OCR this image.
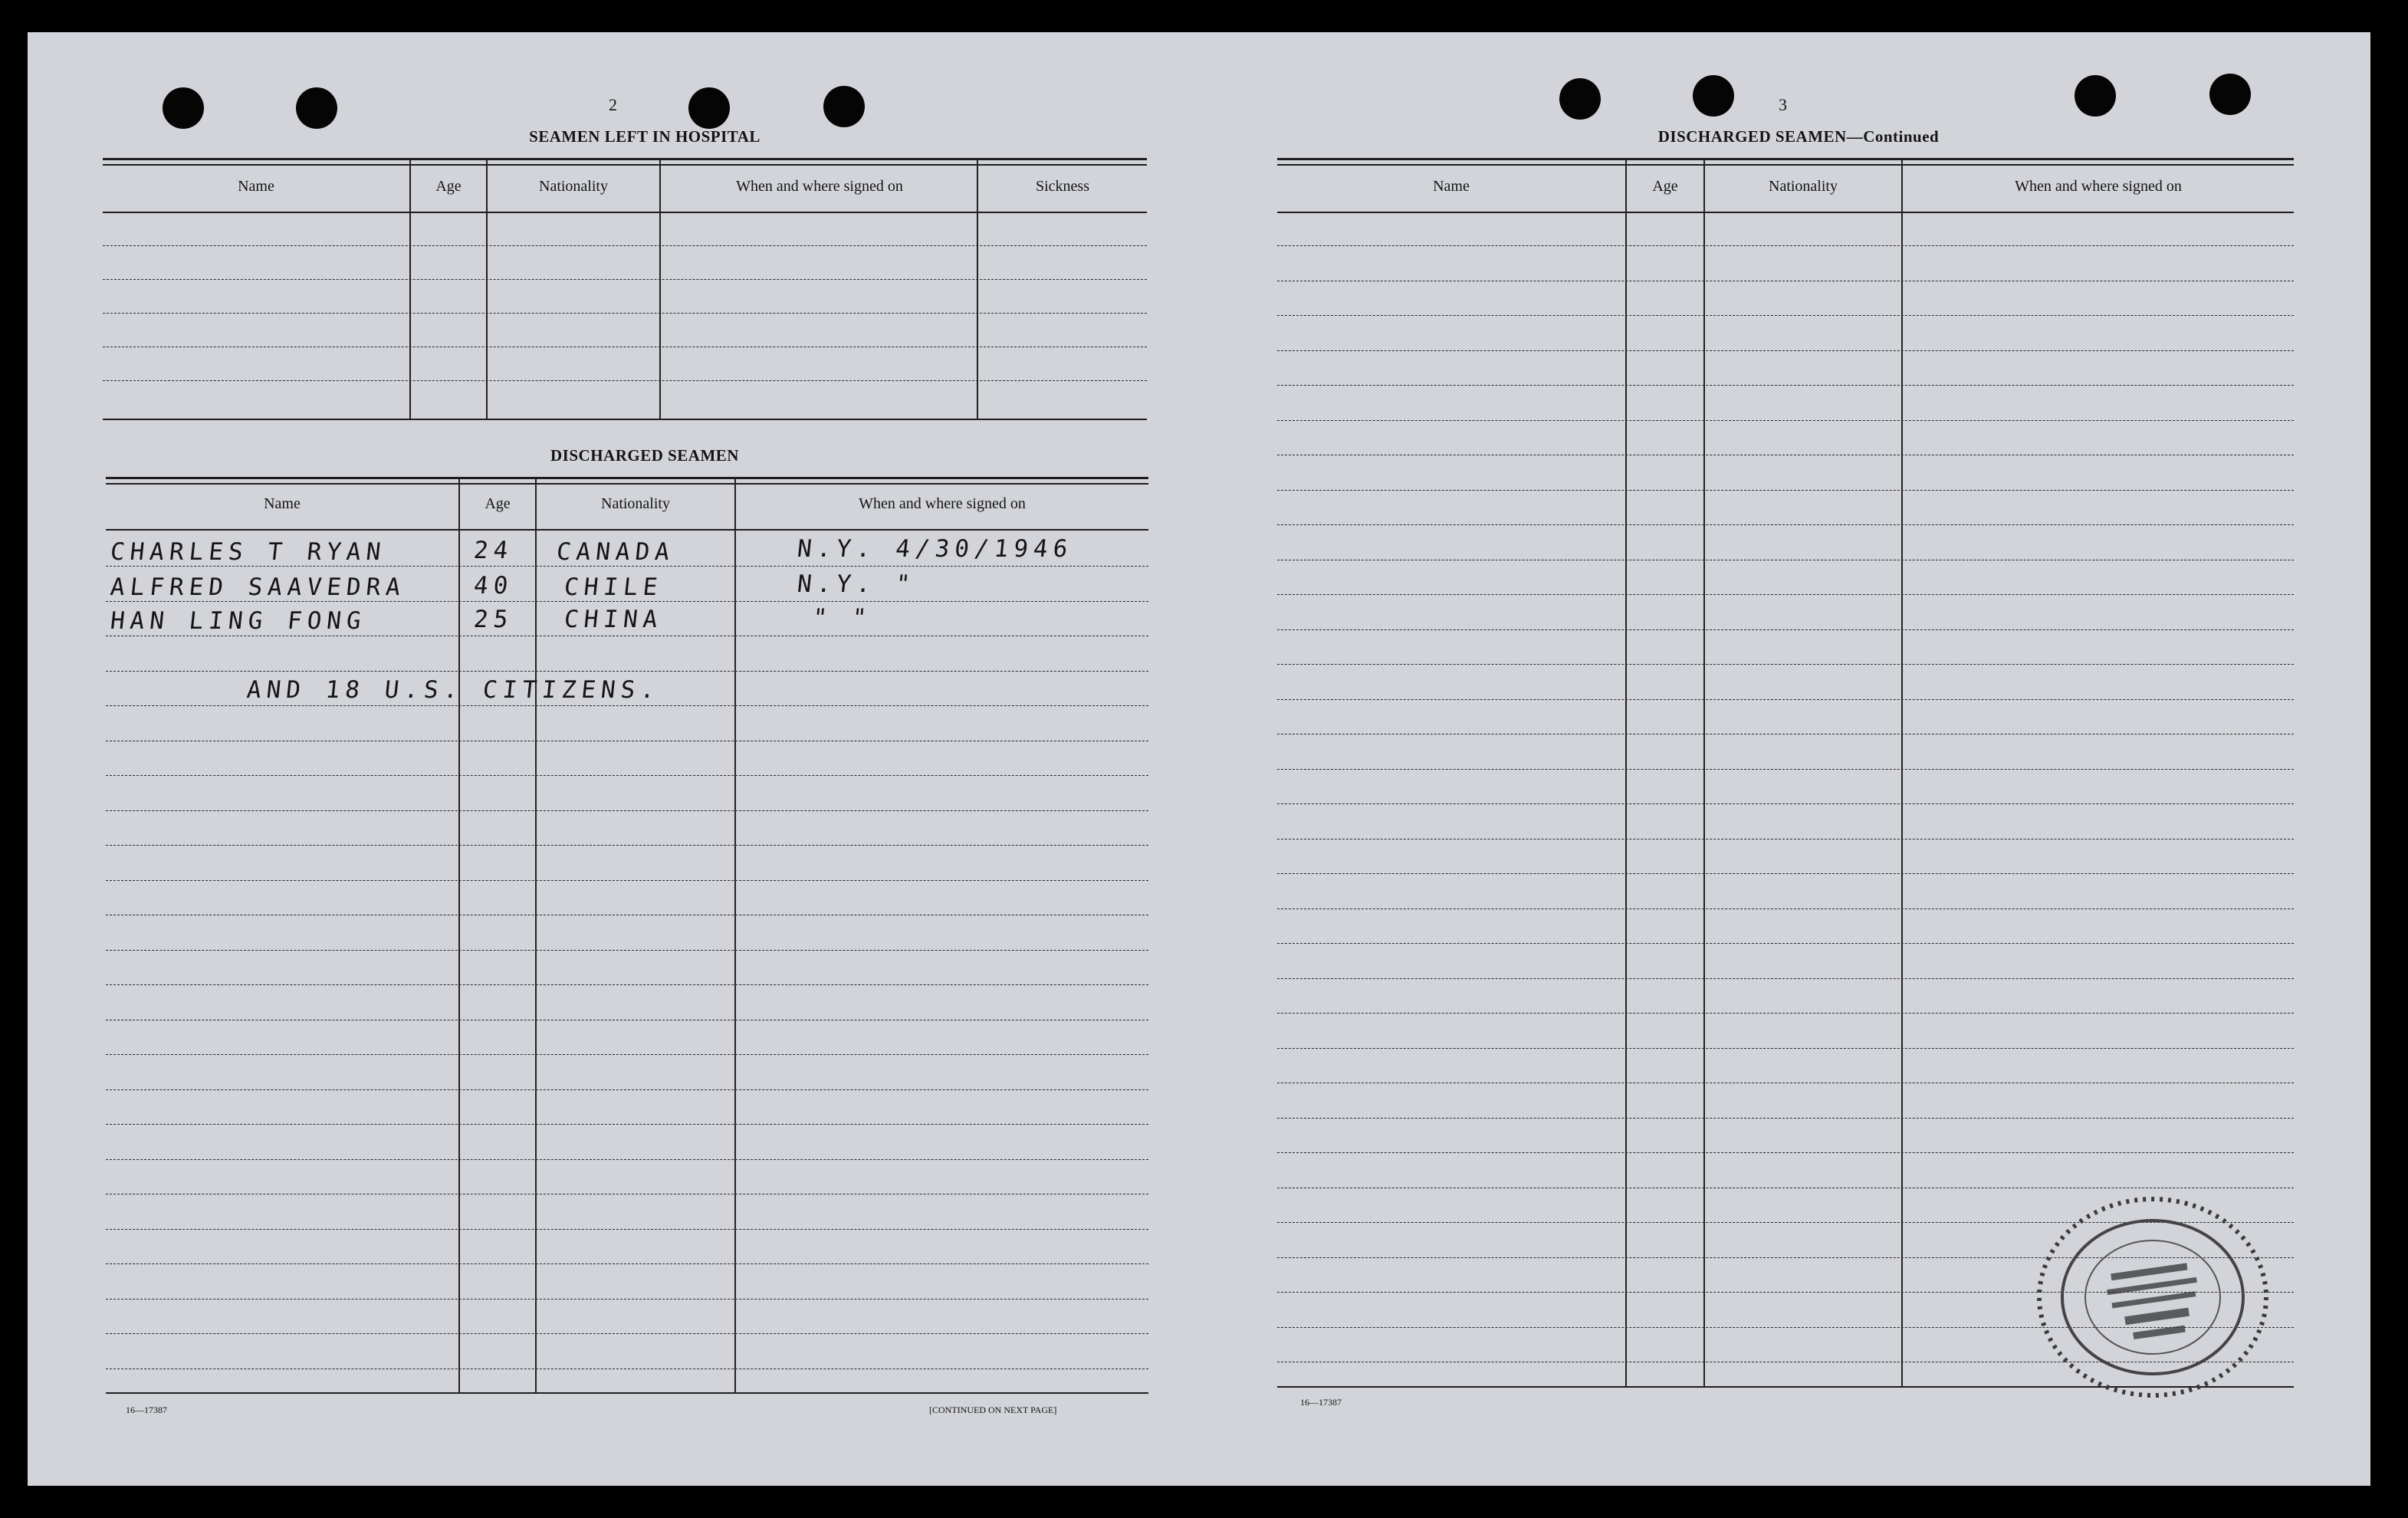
2
SEAMEN LEFT IN HOSPITAL
Name	Age	Nationality	When and where signed on	Sickness
DISCHARGED SEAMEN
Name	Age	Nationality	When and where signed on
CHARLES T RYAN	24 CANADA	N.Y. 4/30/1946
ALFRED SAAVEDRA	40 CHILE	N.Y. "
HAN LING FONG	25 CHINA	" "
AND 18 U.S. CITIZENS.
16—17387	[CONTINUED ON NEXT PAGE]
3
DISCHARGED SEAMEN—Continued
Name	Age	Nationality	When and where signed on
16—17387
